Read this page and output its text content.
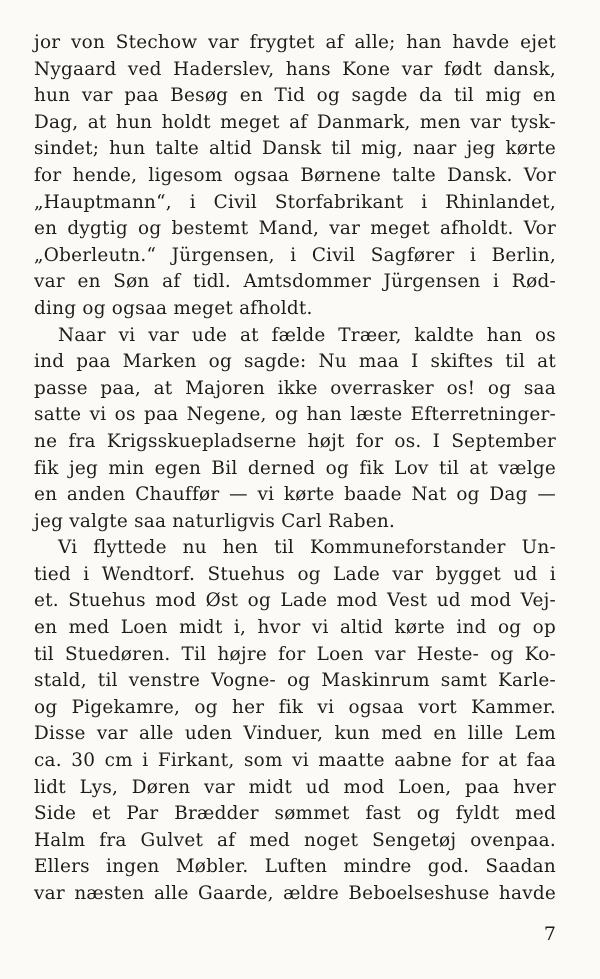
jor von Stechow var frygtet af alle; han havde ejet
Nygaard ved Haderslev, hans Kone var født dansk,
hun var paa Besøg en Tid og sagde da til mig en
Dag, at hun holdt meget af Danmark, men var tysk-
sindet; hun talte altid Dansk til mig, naar jeg kørte
for hende, ligesom ogsaa Børnene talte Dansk. Vor
„Hauptmann“, i Civil Storfabrikant i Rhinlandet,
en dygtig og bestemt Mand, var meget afholdt. Vor
„Oberleutn.“ Jürgensen, i Civil Sagfører i Berlin,
var en Søn af tidl. Amtsdommer Jürgensen i Rød-
ding og ogsaa meget afholdt.
Naar vi var ude at fælde Træer, kaldte han os
ind paa Marken og sagde: Nu maa I skiftes til at
passe paa, at Majoren ikke overrasker os! og saa
satte vi os paa Negene, og han læste Efterretninger-
ne fra Krigsskuepladserne højt for os. I September
fik jeg min egen Bil derned og fik Lov til at vælge
en anden Chauffør — vi kørte baade Nat og Dag —
jeg valgte saa naturligvis Carl Raben.
Vi flyttede nu hen til Kommuneforstander Un-
tied i Wendtorf. Stuehus og Lade var bygget ud i
et. Stuehus mod Øst og Lade mod Vest ud mod Vej-
en med Loen midt i, hvor vi altid kørte ind og op
til Stuedøren. Til højre for Loen var Heste- og Ko-
stald, til venstre Vogne- og Maskinrum samt Karle-
og Pigekamre, og her fik vi ogsaa vort Kammer.
Disse var alle uden Vinduer, kun med en lille Lem
ca. 30 cm i Firkant, som vi maatte aabne for at faa
lidt Lys, Døren var midt ud mod Loen, paa hver
Side et Par Brædder sømmet fast og fyldt med
Halm fra Gulvet af med noget Sengetøj ovenpaa.
Ellers ingen Møbler. Luften mindre god. Saadan
var næsten alle Gaarde, ældre Beboelseshuse havde
7
